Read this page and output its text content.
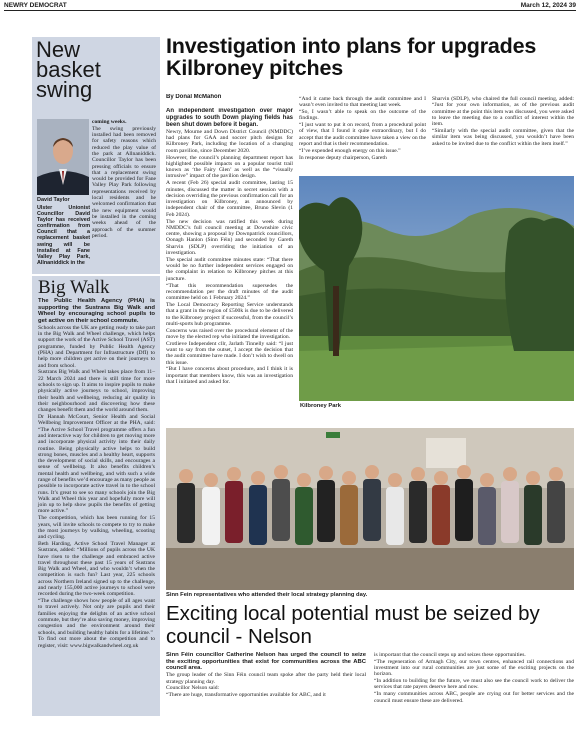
NEWRY DEMOCRAT	March 12, 2024 39
New
basket
swing
David Taylor
Ulster Unionist Councillor David Taylor has received confirmation from Council that a replacement basket swing will be installed at Fane Valley Play Park, Allnaniddick in the

coming weeks.

The swing previously installed had been removed for safety reasons which reduced the play value of the park at Allnaniddick. Councillor Taylor has been pressing officials to ensure that a replacement swing would be provided for Fane Valley Play Park following representations received by local residents and he welcomed confirmation that the new equipment would be installed in the coming weeks ahead of the approach of the summer period.

Big Walk

The Public Health Agency (PHA) is supporting the Sustrans Big Walk and Wheel by encouraging school pupils to get active on their school commute.

Schools across the UK are getting ready to take part in the Big Walk and Wheel challenge, which helps support the work of the Active School Travel (AST) programme, funded by Public Health Agency (PHA) and Department for Infrastructure (DfI) to help more children get active on their journeys to and from school.

Sustrans Big Walk and Wheel takes place from 11–22 March 2024 and there is still time for more schools to sign up. It aims to inspire pupils to make physically active journeys to school, improving their health and wellbeing, reducing air quality in their neighbourhood and discovering how these changes benefit them and the world around them.

Dr Hannah McCourt, Senior Health and Social Wellbeing Improvement Officer at the PHA, said: “The Active School Travel programme offers a fun and interactive way for children to get moving more and incorporate physical activity into their daily routine. Being physically active helps to build strong bones, muscles and a healthy heart, supports the development of social skills, and encourages a sense of wellbeing. It also benefits children’s mental health and wellbeing, and with such a wide range of benefits we’d encourage as many people as possible to incorporate active travel in to the school runs. It’s great to see so many schools join the Big Walk and Wheel this year and hopefully more will join up to help show pupils the benefits of getting more active.”

The competition, which has been running for 15 years, will invite schools to compete to try to make the most journeys by walking, wheeling, scooting and cycling.

Beth Harding, Active School Travel Manager at Sustrans, added: “Millions of pupils across the UK have risen to the challenge and embraced active travel throughout these past 15 years of Sustrans Big Walk and Wheel, and who wouldn’t when the competition is such fun? Last year, 225 schools across Northern Ireland signed up to the challenge, and nearly 155,000 active journeys to school were recorded during the two-week competition.

“The challenge shows how people of all ages want to travel actively. Not only are pupils and their families enjoying the delights of an active school commute, but they’re also saving money, improving congestion and the environment around their schools, and building healthy habits for a lifetime.”

To find out more about the competition and to register, visit: www.bigwalkandwheel.org.uk

Investigation into plans for upgrades Kilbroney pitches
By Donal McMahon

An independent investigation over major upgrades to south Down playing fields has been shut down before it began.

Newry, Mourne and Down District Council (NMDDC) had plans for GAA and soccer pitch designs for Kilbroney Park, including the location of a changing room pavilion, since December 2020.

However, the council’s planning department report has highlighted possible impacts on a popular tourist trail known as ‘the Fairy Glen’ as well as the “visually intrusive” impact of the pavilion design.

A recent (Feb 26) special audit committee, lasting 15 minutes, discussed the matter in secret session with a decision overriding the previous confirmation call for an investigation on Kilbroney, as announced by independent chair of the committee, Bruno Slevin (1 Feb 2024).

The new decision was ratified this week during NMDDC’s full council meeting at Downshire civic centre, showing a proposal by Downpatrick councillors, Oonagh Hanlon (Sinn Féin) and seconded by Gareth Sharvin (SDLP) overriding the initiation of an investigation.

The special audit committee minutes state: “That there would be no further independent services engaged on the complaint in relation to Kilbroney pitches at this juncture.

“That this recommendation supersedes the recommendation per the draft minutes of the audit committee held on 1 February 2024.”

The Local Democracy Reporting Service understands that a grant in the region of £500k is due to be delivered to the Kilbroney project if successful, from the council’s multi-sports hub programme.

Concerns was raised over the procedural element of the move by the elected rep who initiated the investigation.

Crotlieve Independent cllr, Jarlath Tinnelly said: “I just want to say from the outset, I accept the decision that the audit committee have made. I don’t wish to dwell on this issue.

“But I have concerns about procedure, and I think it is important that members know, this was an investigation that I initiated and asked for.

“And it came back through the audit committee and I wasn’t even invited to that meeting last week.

“So, I wasn’t able to speak on the outcome of the findings.

“I just want to put it on record, from a procedural point of view, that I found it quite extraordinary, but I do accept that the audit committee have taken a view on the report and that is their recommendation.

“I’ve expended enough energy on this issue.”

In response deputy chairperson, Gareth

Sharvin (SDLP), who chaired the full council meeting, added: “Just for your own information, as of the previous audit committee at the point this item was discussed, you were asked to leave the meeting due to a conflict of interest within the item.

“Similarly with the special audit committee, given that the similar item was being discussed, you wouldn’t have been asked to be invited due to the conflict within the item itself.”

Kilbroney Park
Sinn Fein representatives who attended their local strategy planning day.
Exciting local potential must be seized by council - Nelson

Sinn Féin councillor Catherine Nelson has urged the council to seize the exciting opportunities that exist for communities across the ABC council area.

The group leader of the Sinn Féin council team spoke after the party held their local strategy planning day.

Councillor Nelson said:

“There are huge, transformative opportunities available for ABC, and it

is important that the council steps up and seizes these opportunities.

“The regeneration of Armagh City, our town centres, enhanced rail connections and investment into our rural communities are just some of the exciting projects on the horizon.

“In addition to building for the future, we must also see the council work to deliver the services that rate payers deserve here and now.

“In many communities across ABC, people are crying out for better services and the council must ensure these are delivered.
